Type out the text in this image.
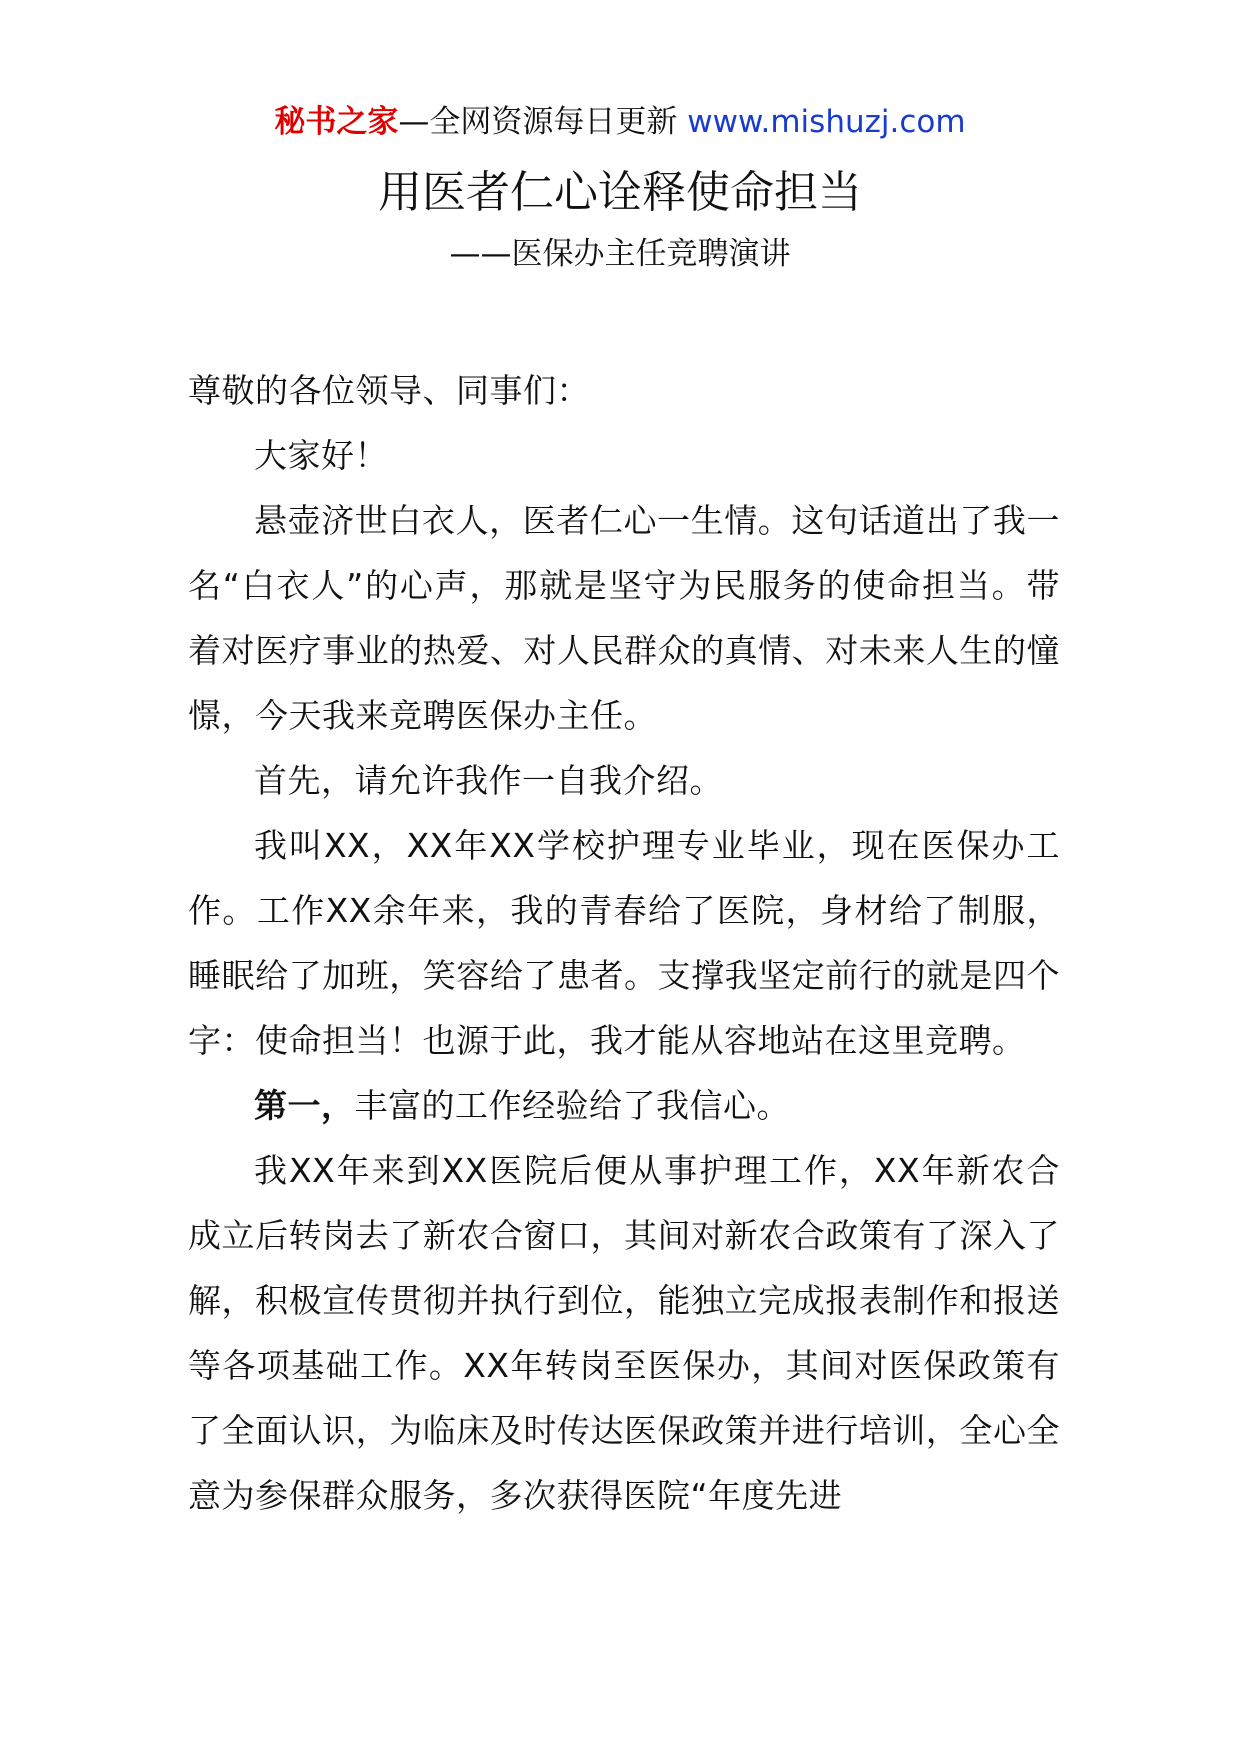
秘书之家—全网资源每日更新 www.mishuzj.com
用医者仁心诠释使命担当
——医保办主任竞聘演讲

尊敬的各位领导、同事们：

大家好！

悬壶济世白衣人，医者仁心一生情。这句话道出了我一名“白衣人”的心声，那就是坚守为民服务的使命担当。带着对医疗事业的热爱、对人民群众的真情、对未来人生的憧憬，今天我来竞聘医保办主任。

首先，请允许我作一自我介绍。

我叫XX，XX年XX学校护理专业毕业，现在医保办工作。工作XX余年来，我的青春给了医院，身材给了制服，睡眠给了加班，笑容给了患者。支撑我坚定前行的就是四个字：使命担当！也源于此，我才能从容地站在这里竞聘。

第一，丰富的工作经验给了我信心。

我XX年来到XX医院后便从事护理工作，XX年新农合成立后转岗去了新农合窗口，其间对新农合政策有了深入了解，积极宣传贯彻并执行到位，能独立完成报表制作和报送等各项基础工作。XX年转岗至医保办，其间对医保政策有了全面认识，为临床及时传达医保政策并进行培训，全心全意为参保群众服务，多次获得医院“年度先进
